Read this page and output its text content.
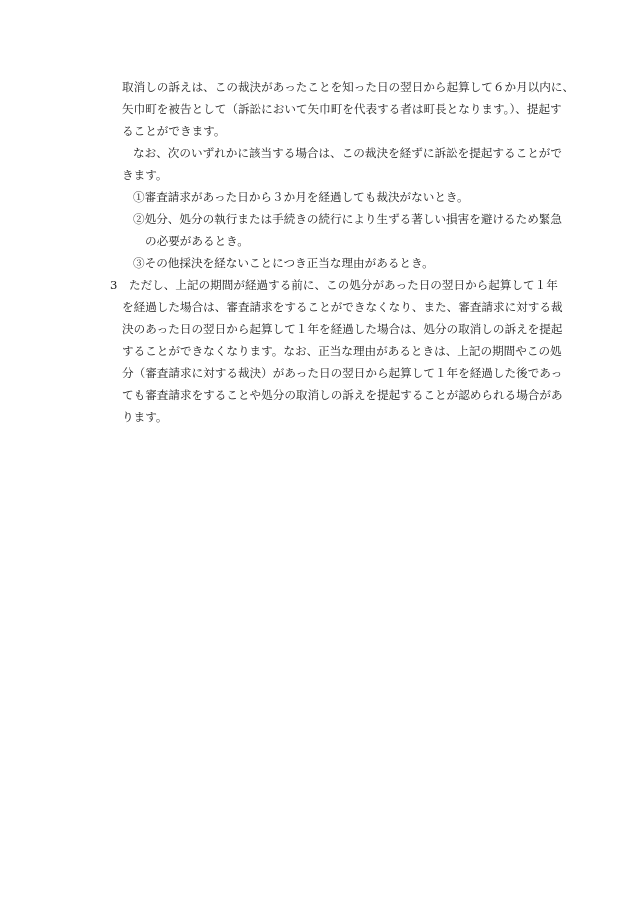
取消しの訴えは、この裁決があったことを知った日の翌日から起算して６か月以内に、
矢巾町を被告として（訴訟において矢巾町を代表する者は町長となります。）、提起す
ることができます。
なお、次のいずれかに該当する場合は、この裁決を経ずに訴訟を提起することがで
きます。
①審査請求があった日から３か月を経過しても裁決がないとき。
②処分、処分の執行または手続きの続行により生ずる著しい損害を避けるため緊急
の必要があるとき。
③その他採決を経ないことにつき正当な理由があるとき。
3　ただし、上記の期間が経過する前に、この処分があった日の翌日から起算して１年
を経過した場合は、審査請求をすることができなくなり、また、審査請求に対する裁
決のあった日の翌日から起算して１年を経過した場合は、処分の取消しの訴えを提起
することができなくなります。なお、正当な理由があるときは、上記の期間やこの処
分（審査請求に対する裁決）があった日の翌日から起算して１年を経過した後であっ
ても審査請求をすることや処分の取消しの訴えを提起することが認められる場合があ
ります。
